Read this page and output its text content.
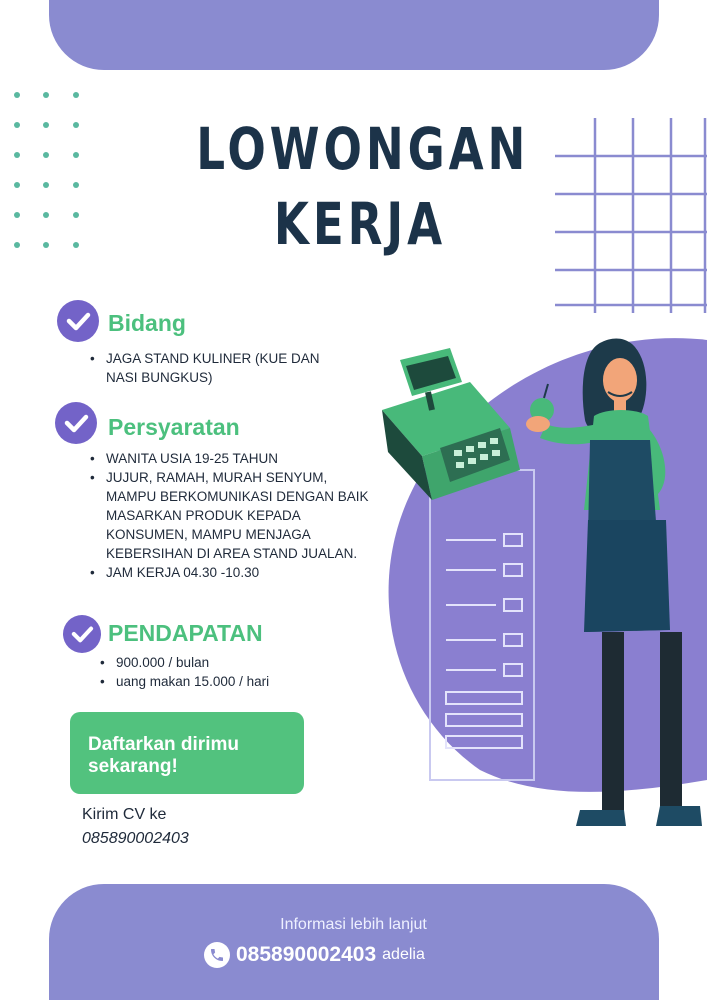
LOWONGAN
KERJA
Bidang
• JAGA STAND KULINER (KUE DAN NASI BUNGKUS)
Persyaratan
• WANITA USIA 19-25 TAHUN
• JUJUR, RAMAH, MURAH SENYUM, MAMPU BERKOMUNIKASI DENGAN BAIK MASARKAN PRODUK KEPADA KONSUMEN, MAMPU MENJAGA KEBERSIHAN DI AREA STAND JUALAN.
• JAM KERJA 04.30 -10.30
PENDAPATAN
• 900.000 / bulan
• uang makan 15.000 / hari
Daftarkan dirimu sekarang!
Kirim CV ke
085890002403
Informasi lebih lanjut
085890002403 adelia
